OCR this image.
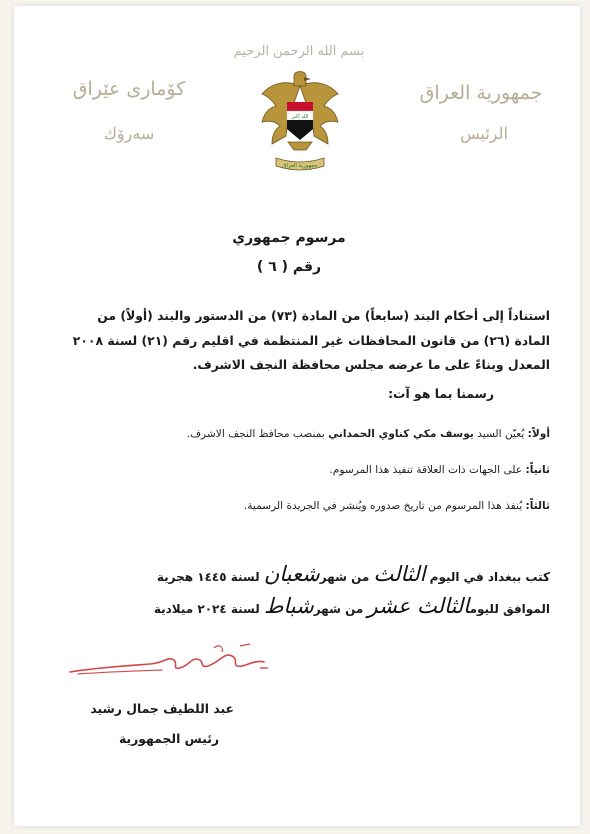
بسم الله الرحمن الرحيم
كۆماری عێراق
سەرۆك
جمهورية العراق
الرئيس
الله أكبر
جمهورية العراق
مرسوم جمهوري
رقم ( ٦ )
استناداً إلى أحكام البند (سابعاً) من المادة (٧٣) من الدستور والبند (أولاً) من
المادة (٢٦) من قانون المحافظات غير المنتظمة في اقليم رقم (٢١) لسنة ٢٠٠٨
المعدل وبناءً على ما عرضه مجلس محافظة النجف الاشرف.
رسمنا بما هو آت:
أولاً: يُعيّن السيد يوسف مكي كناوي الحمداني بمنصب محافظ النجف الاشرف.
ثانياً: على الجهات ذات العلاقة تنفيذ هذا المرسوم.
ثالثاً: يُنفذ هذا المرسوم من تاريخ صدوره ويُنشر في الجريدة الرسمية.
كتب ببغداد في اليوم الثالث من شهرشعبان لسنة ١٤٤٥ هجرية
الموافق لليومالثالث عشر من شهرشباط لسنة ٢٠٢٤ ميلادية
عبد اللطيف جمال رشيد
رئيس الجمهورية
